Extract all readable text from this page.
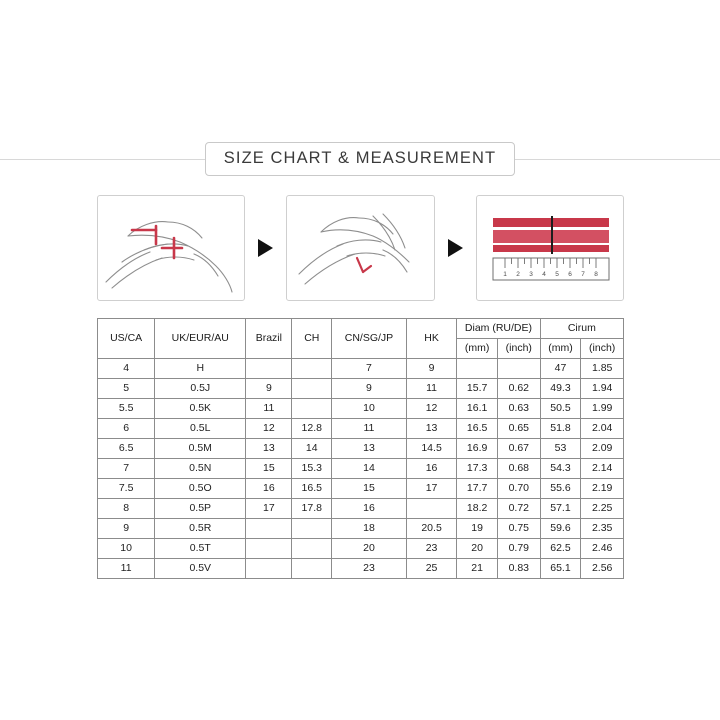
SIZE CHART & MEASUREMENT
1 2 3 4 5 6 7 8
US/CA	UK/EUR/AU	Brazil	CH	CN/SG/JP	HK	Diam (RU/DE)		Cirum	
						(mm)	(inch)	(mm)	(inch)
4	H			7	9			47	1.85
5	0.5J	9		9	11	15.7	0.62	49.3	1.94
5.5	0.5K	11		10	12	16.1	0.63	50.5	1.99
6	0.5L	12	12.8	11	13	16.5	0.65	51.8	2.04
6.5	0.5M	13	14	13	14.5	16.9	0.67	53	2.09
7	0.5N	15	15.3	14	16	17.3	0.68	54.3	2.14
7.5	0.5O	16	16.5	15	17	17.7	0.70	55.6	2.19
8	0.5P	17	17.8	16		18.2	0.72	57.1	2.25
9	0.5R			18	20.5	19	0.75	59.6	2.35
10	0.5T			20	23	20	0.79	62.5	2.46
11	0.5V			23	25	21	0.83	65.1	2.56
